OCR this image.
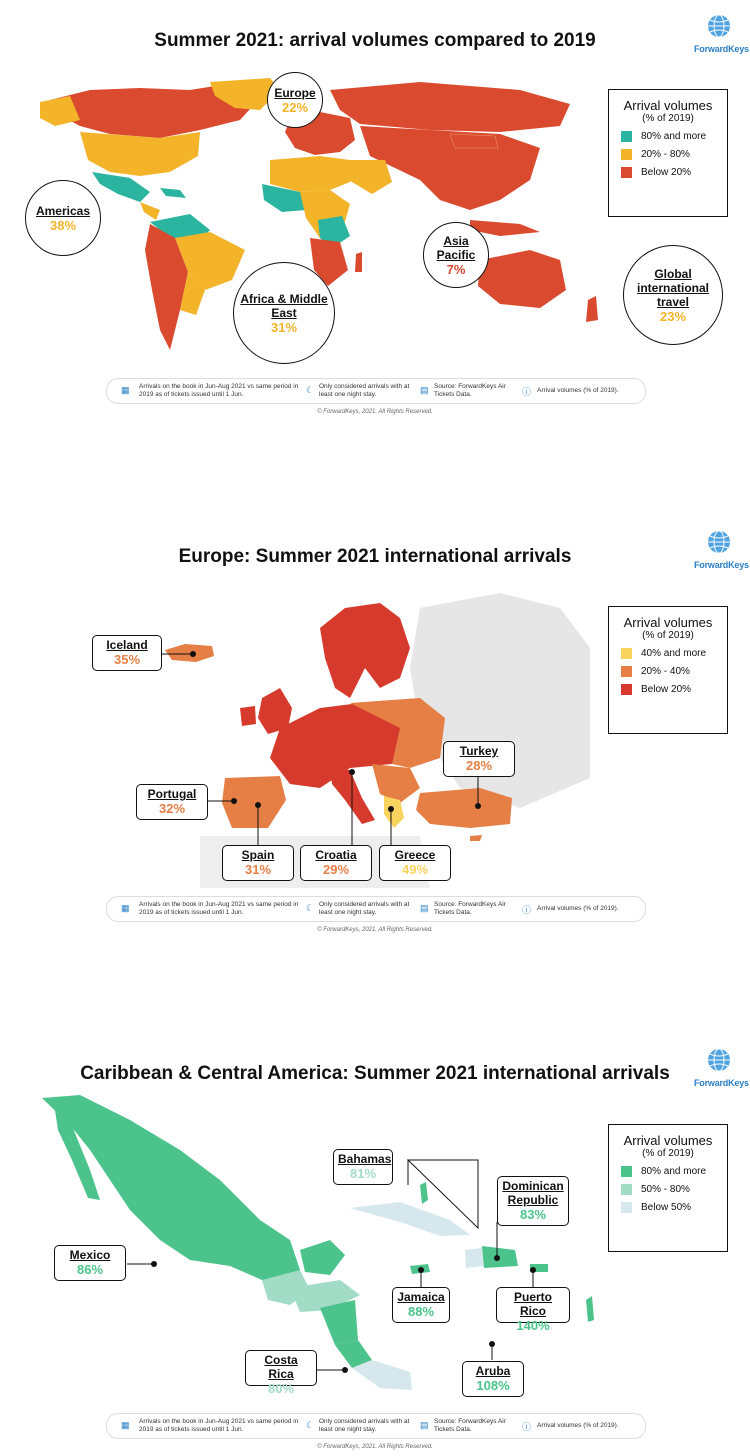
Summer 2021: arrival volumes compared to 2019	ForwardKeys
Europe
22%
Americas
38%
Asia Pacific
7%
Africa & Middle East
31%
Global international travel
23%
Arrival volumes
(% of 2019)
80% and more
20% - 80%
Below 20%
▦ Arrivals on the book in Jun-Aug 2021 vs same period in 2019 as of tickets issued until 1 Jun.	☾ Only considered arrivals with at least one night stay.	▤ Source: ForwardKeys Air Tickets Data.	ⓘ Arrival volumes (% of 2019).
© ForwardKeys, 2021. All Rights Reserved.
Europe: Summer 2021 international arrivals	ForwardKeys
Iceland
35%
Turkey
28%
Portugal
32%
Spain
31%
Croatia
29%
Greece
49%
Arrival volumes
(% of 2019)
40% and more
20% - 40%
Below 20%
▦ Arrivals on the book in Jun-Aug 2021 vs same period in 2019 as of tickets issued until 1 Jun.	☾ Only considered arrivals with at least one night stay.	▤ Source: ForwardKeys Air Tickets Data.	ⓘ Arrival volumes (% of 2019).
© ForwardKeys, 2021. All Rights Reserved.
Caribbean & Central America: Summer 2021 international arrivals	ForwardKeys
Bahamas
81%
Dominican Republic
83%
Mexico
86%
Jamaica
88%
Puerto Rico
140%
Costa Rica
80%
Aruba
108%
Arrival volumes
(% of 2019)
80% and more
50% - 80%
Below 50%
▦ Arrivals on the book in Jun-Aug 2021 vs same period in 2019 as of tickets issued until 1 Jun.	☾ Only considered arrivals with at least one night stay.	▤ Source: ForwardKeys Air Tickets Data.	ⓘ Arrival volumes (% of 2019).
© ForwardKeys, 2021. All Rights Reserved.
